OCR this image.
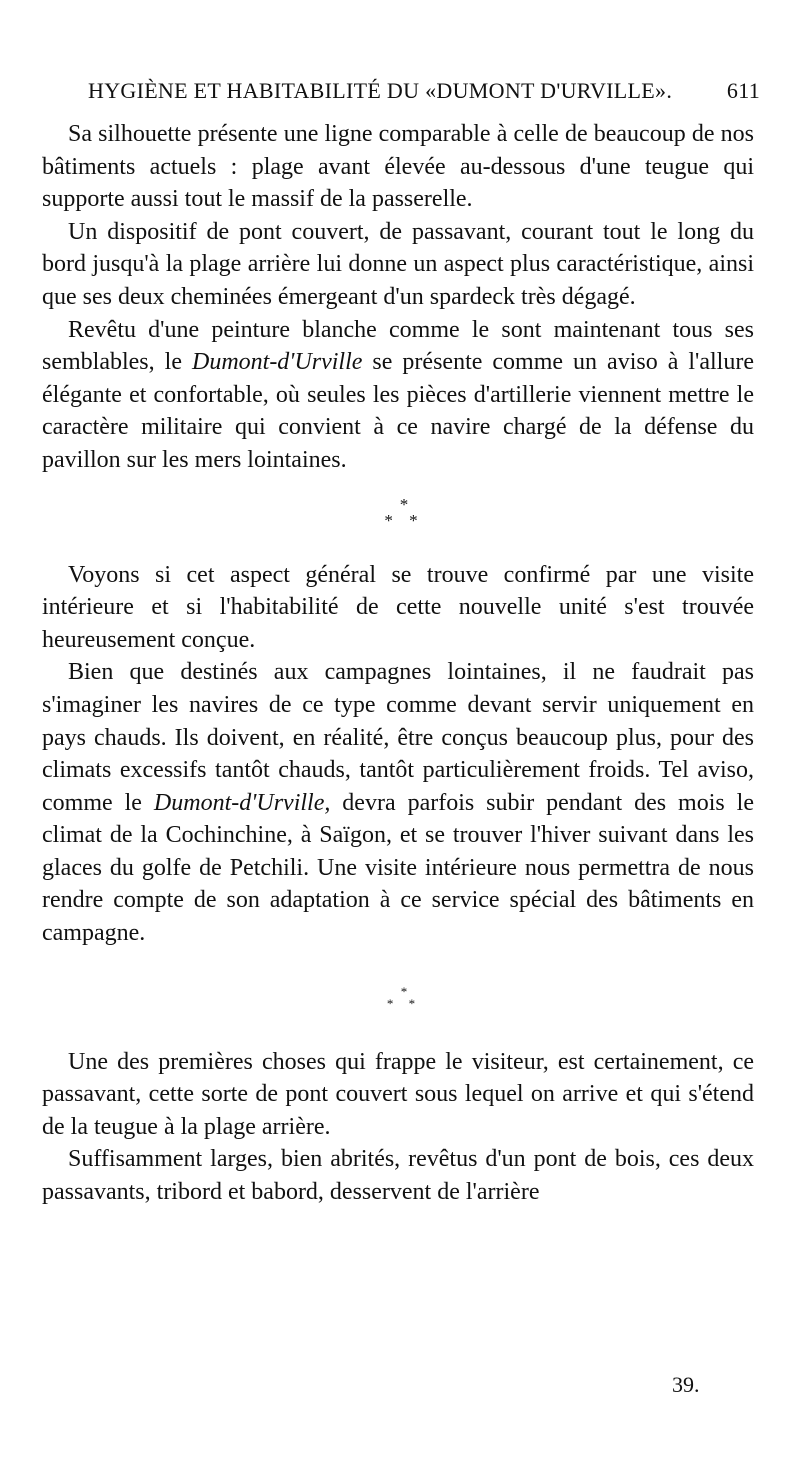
HYGIÈNE ET HABITABILITÉ DU «DUMONT D'URVILLE». 611

Sa silhouette présente une ligne comparable à celle de beaucoup de nos bâtiments actuels : plage avant élevée au-dessous d'une teugue qui supporte aussi tout le massif de la passerelle.

Un dispositif de pont couvert, de passavant, courant tout le long du bord jusqu'à la plage arrière lui donne un aspect plus caractéristique, ainsi que ses deux cheminées émergeant d'un spardeck très dégagé.

Revêtu d'une peinture blanche comme le sont maintenant tous ses semblables, le Dumont-d'Urville se présente comme un aviso à l'allure élégante et confortable, où seules les pièces d'artillerie viennent mettre le caractère militaire qui convient à ce navire chargé de la défense du pavillon sur les mers lointaines.

*
* *

Voyons si cet aspect général se trouve confirmé par une visite intérieure et si l'habitabilité de cette nouvelle unité s'est trouvée heureusement conçue.

Bien que destinés aux campagnes lointaines, il ne faudrait pas s'imaginer les navires de ce type comme devant servir uniquement en pays chauds. Ils doivent, en réalité, être conçus beaucoup plus, pour des climats excessifs tantôt chauds, tantôt particulièrement froids. Tel aviso, comme le Dumont-d'Urville, devra parfois subir pendant des mois le climat de la Cochinchine, à Saïgon, et se trouver l'hiver suivant dans les glaces du golfe de Petchili. Une visite intérieure nous permettra de nous rendre compte de son adaptation à ce service spécial des bâtiments en campagne.

*
* *

Une des premières choses qui frappe le visiteur, est certainement, ce passavant, cette sorte de pont couvert sous lequel on arrive et qui s'étend de la teugue à la plage arrière.

Suffisamment larges, bien abrités, revêtus d'un pont de bois, ces deux passavants, tribord et babord, desservent de l'arrière

39.
